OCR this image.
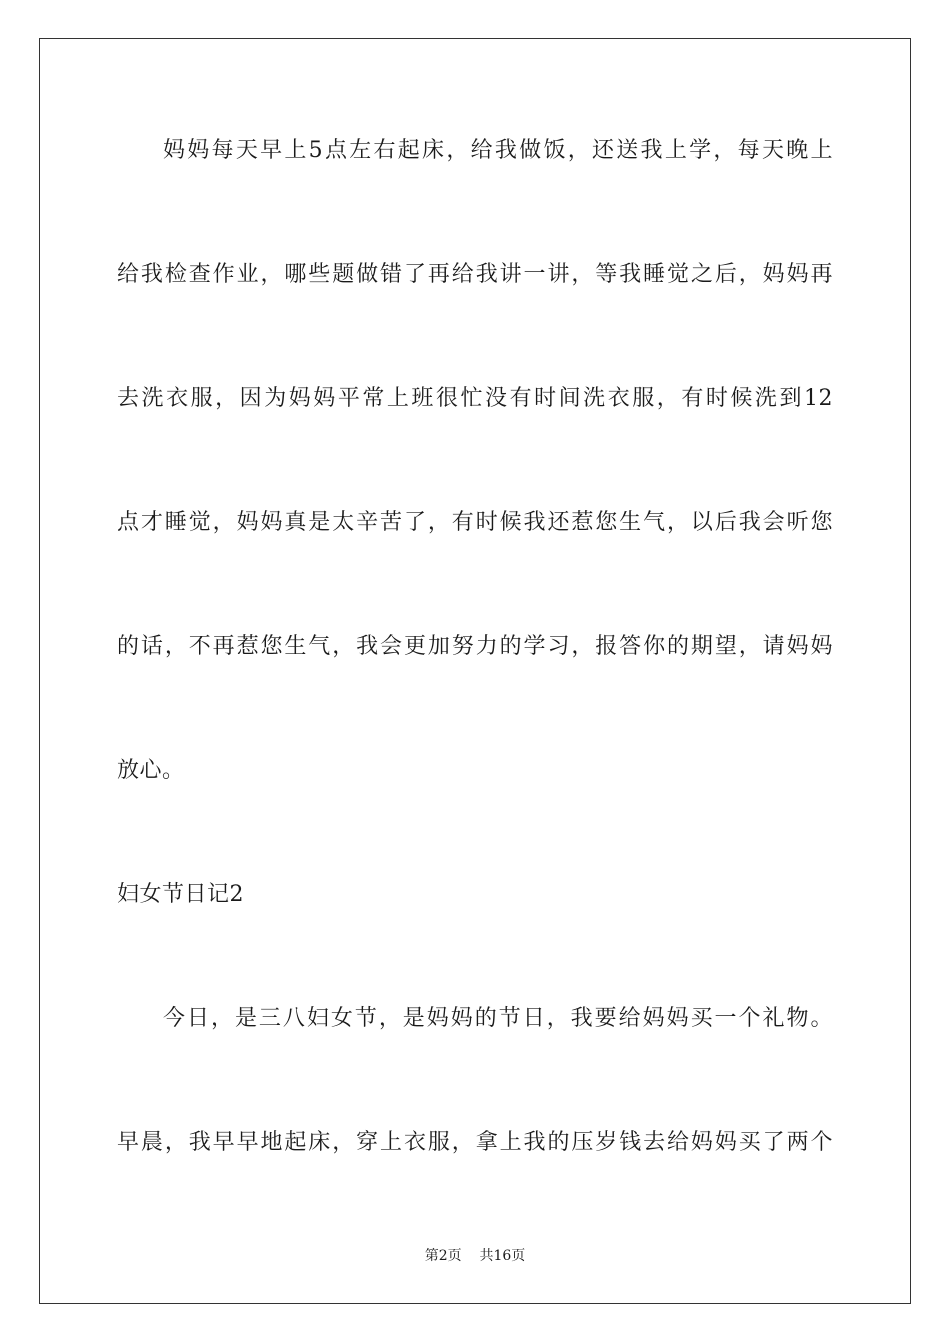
妈妈每天早上5点左右起床，给我做饭，还送我上学，每天晚上
给我检查作业，哪些题做错了再给我讲一讲，等我睡觉之后，妈妈再
去洗衣服，因为妈妈平常上班很忙没有时间洗衣服，有时候洗到12
点才睡觉，妈妈真是太辛苦了，有时候我还惹您生气，以后我会听您
的话，不再惹您生气，我会更加努力的学习，报答你的期望，请妈妈
放心。
妇女节日记2
今日，是三八妇女节，是妈妈的节日，我要给妈妈买一个礼物。
早晨，我早早地起床，穿上衣服，拿上我的压岁钱去给妈妈买了两个
第2页    共16页
